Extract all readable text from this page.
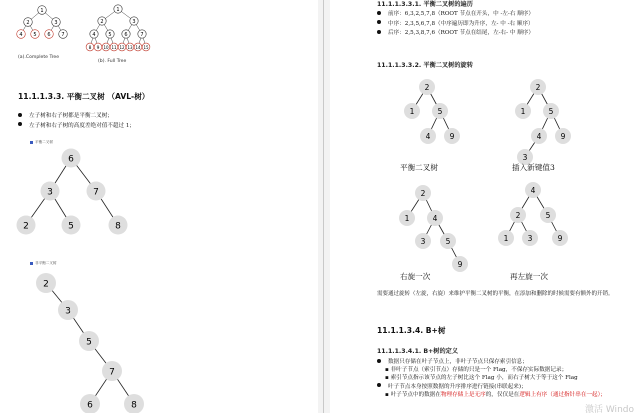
1
2	3
4 5 6 7
(a).Complete Tree
1
2	3
4	5	6	7
8 9 10 11 12 13 14 15
(b). Full Tree
11.1.1.3.3. 平衡二叉树 （AVL-树）
左子树和右子树都是平衡二叉树；
左子树和右子树的高度差绝对值不超过 1；
平衡二叉树
6
3	7
2	5	8
非平衡二叉树
2
3
5
7
6	8
11.1.1.3.3.1. 平衡二叉树的遍历
前序：6,3,2,5,7,8（ROOT 节点在开头，中 -左-右 顺序）
中序：2,3,5,6,7,8（中序遍历即为升序，左- 中 -右 顺序）
后序：2,5,3,8,7,6（ROOT 节点在结尾，左-右- 中 顺序）
11.1.1.3.3.2. 平衡二叉树的旋转
2
1	5
4	9
平衡二叉树
2
1	5
4	9
3
插入新键值3
2
1	4
3	5
9
右旋一次
4
2	5
1	3	9
再左旋一次
需要通过旋转（左旋，右旋）来维护平衡二叉树的平衡，在添加和删除的时候需要有额外的开销。
11.1.1.3.4. B+树
11.1.1.3.4.1. B+树的定义
数据只存储在叶子节点上，非叶子节点只保存索引信息；
▪ 非叶子节点（索引节点）存储的只是一个 Flag，不保存实际数据记录；
▪ 索引节点指示该节点的左子树比这个 Flag 小，而右子树大于等于这个 Flag
叶子节点本身按照数据的升序排序进行链接(串联起来)；
▪ 叶子节点中的数据在物理存储上是无序的，仅仅是在逻辑上有序（通过指针串在一起）；
激活 Windo
